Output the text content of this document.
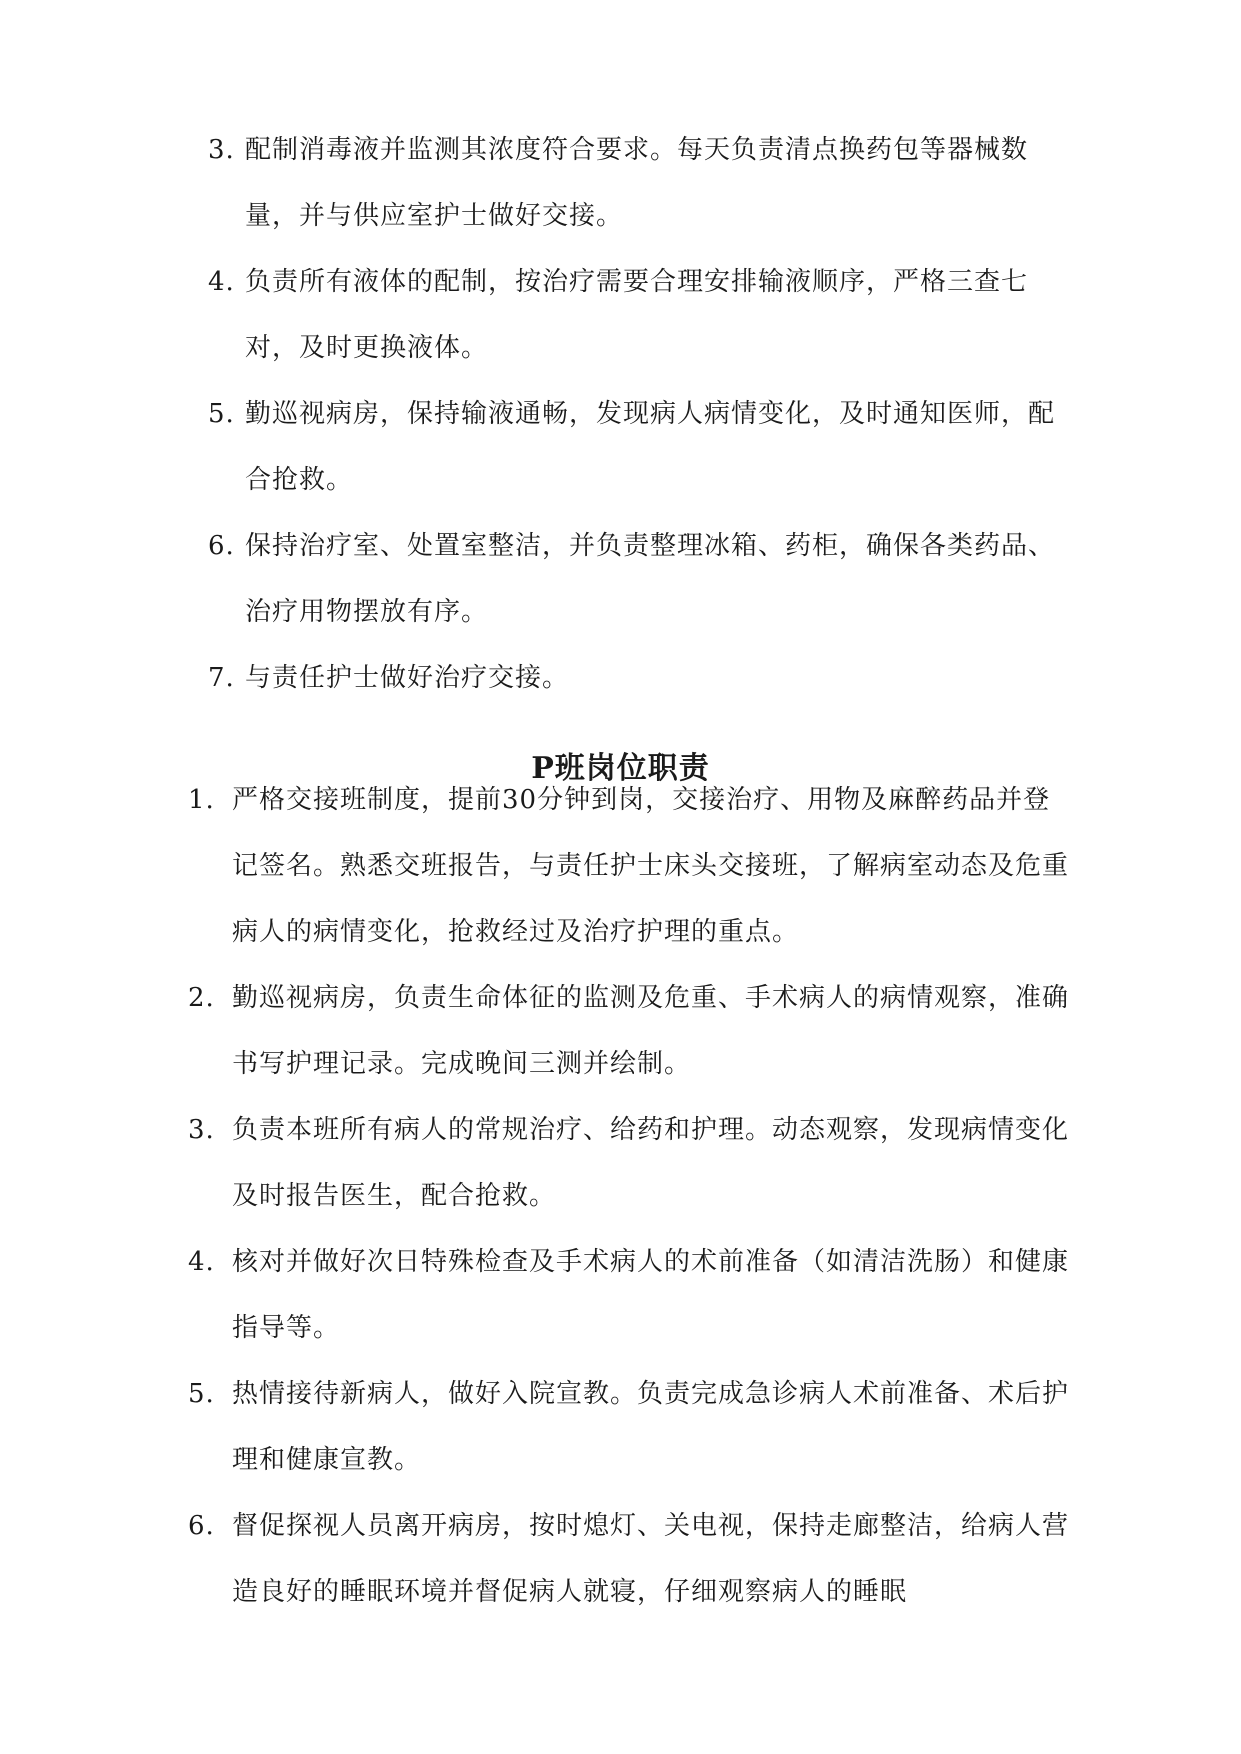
3. 配制消毒液并监测其浓度符合要求。每天负责清点换药包等器械数量，并与供应室护士做好交接。
4. 负责所有液体的配制，按治疗需要合理安排输液顺序，严格三查七对，及时更换液体。
5. 勤巡视病房，保持输液通畅，发现病人病情变化，及时通知医师，配合抢救。
6. 保持治疗室、处置室整洁，并负责整理冰箱、药柜，确保各类药品、治疗用物摆放有序。
7. 与责任护士做好治疗交接。
P班岗位职责
1. 严格交接班制度，提前30分钟到岗，交接治疗、用物及麻醉药品并登记签名。熟悉交班报告，与责任护士床头交接班，了解病室动态及危重病人的病情变化，抢救经过及治疗护理的重点。
2. 勤巡视病房，负责生命体征的监测及危重、手术病人的病情观察，准确书写护理记录。完成晚间三测并绘制。
3. 负责本班所有病人的常规治疗、给药和护理。动态观察，发现病情变化及时报告医生，配合抢救。
4. 核对并做好次日特殊检查及手术病人的术前准备（如清洁洗肠）和健康指导等。
5. 热情接待新病人，做好入院宣教。负责完成急诊病人术前准备、术后护理和健康宣教。
6. 督促探视人员离开病房，按时熄灯、关电视，保持走廊整洁，给病人营造良好的睡眠环境并督促病人就寝，仔细观察病人的睡眠
